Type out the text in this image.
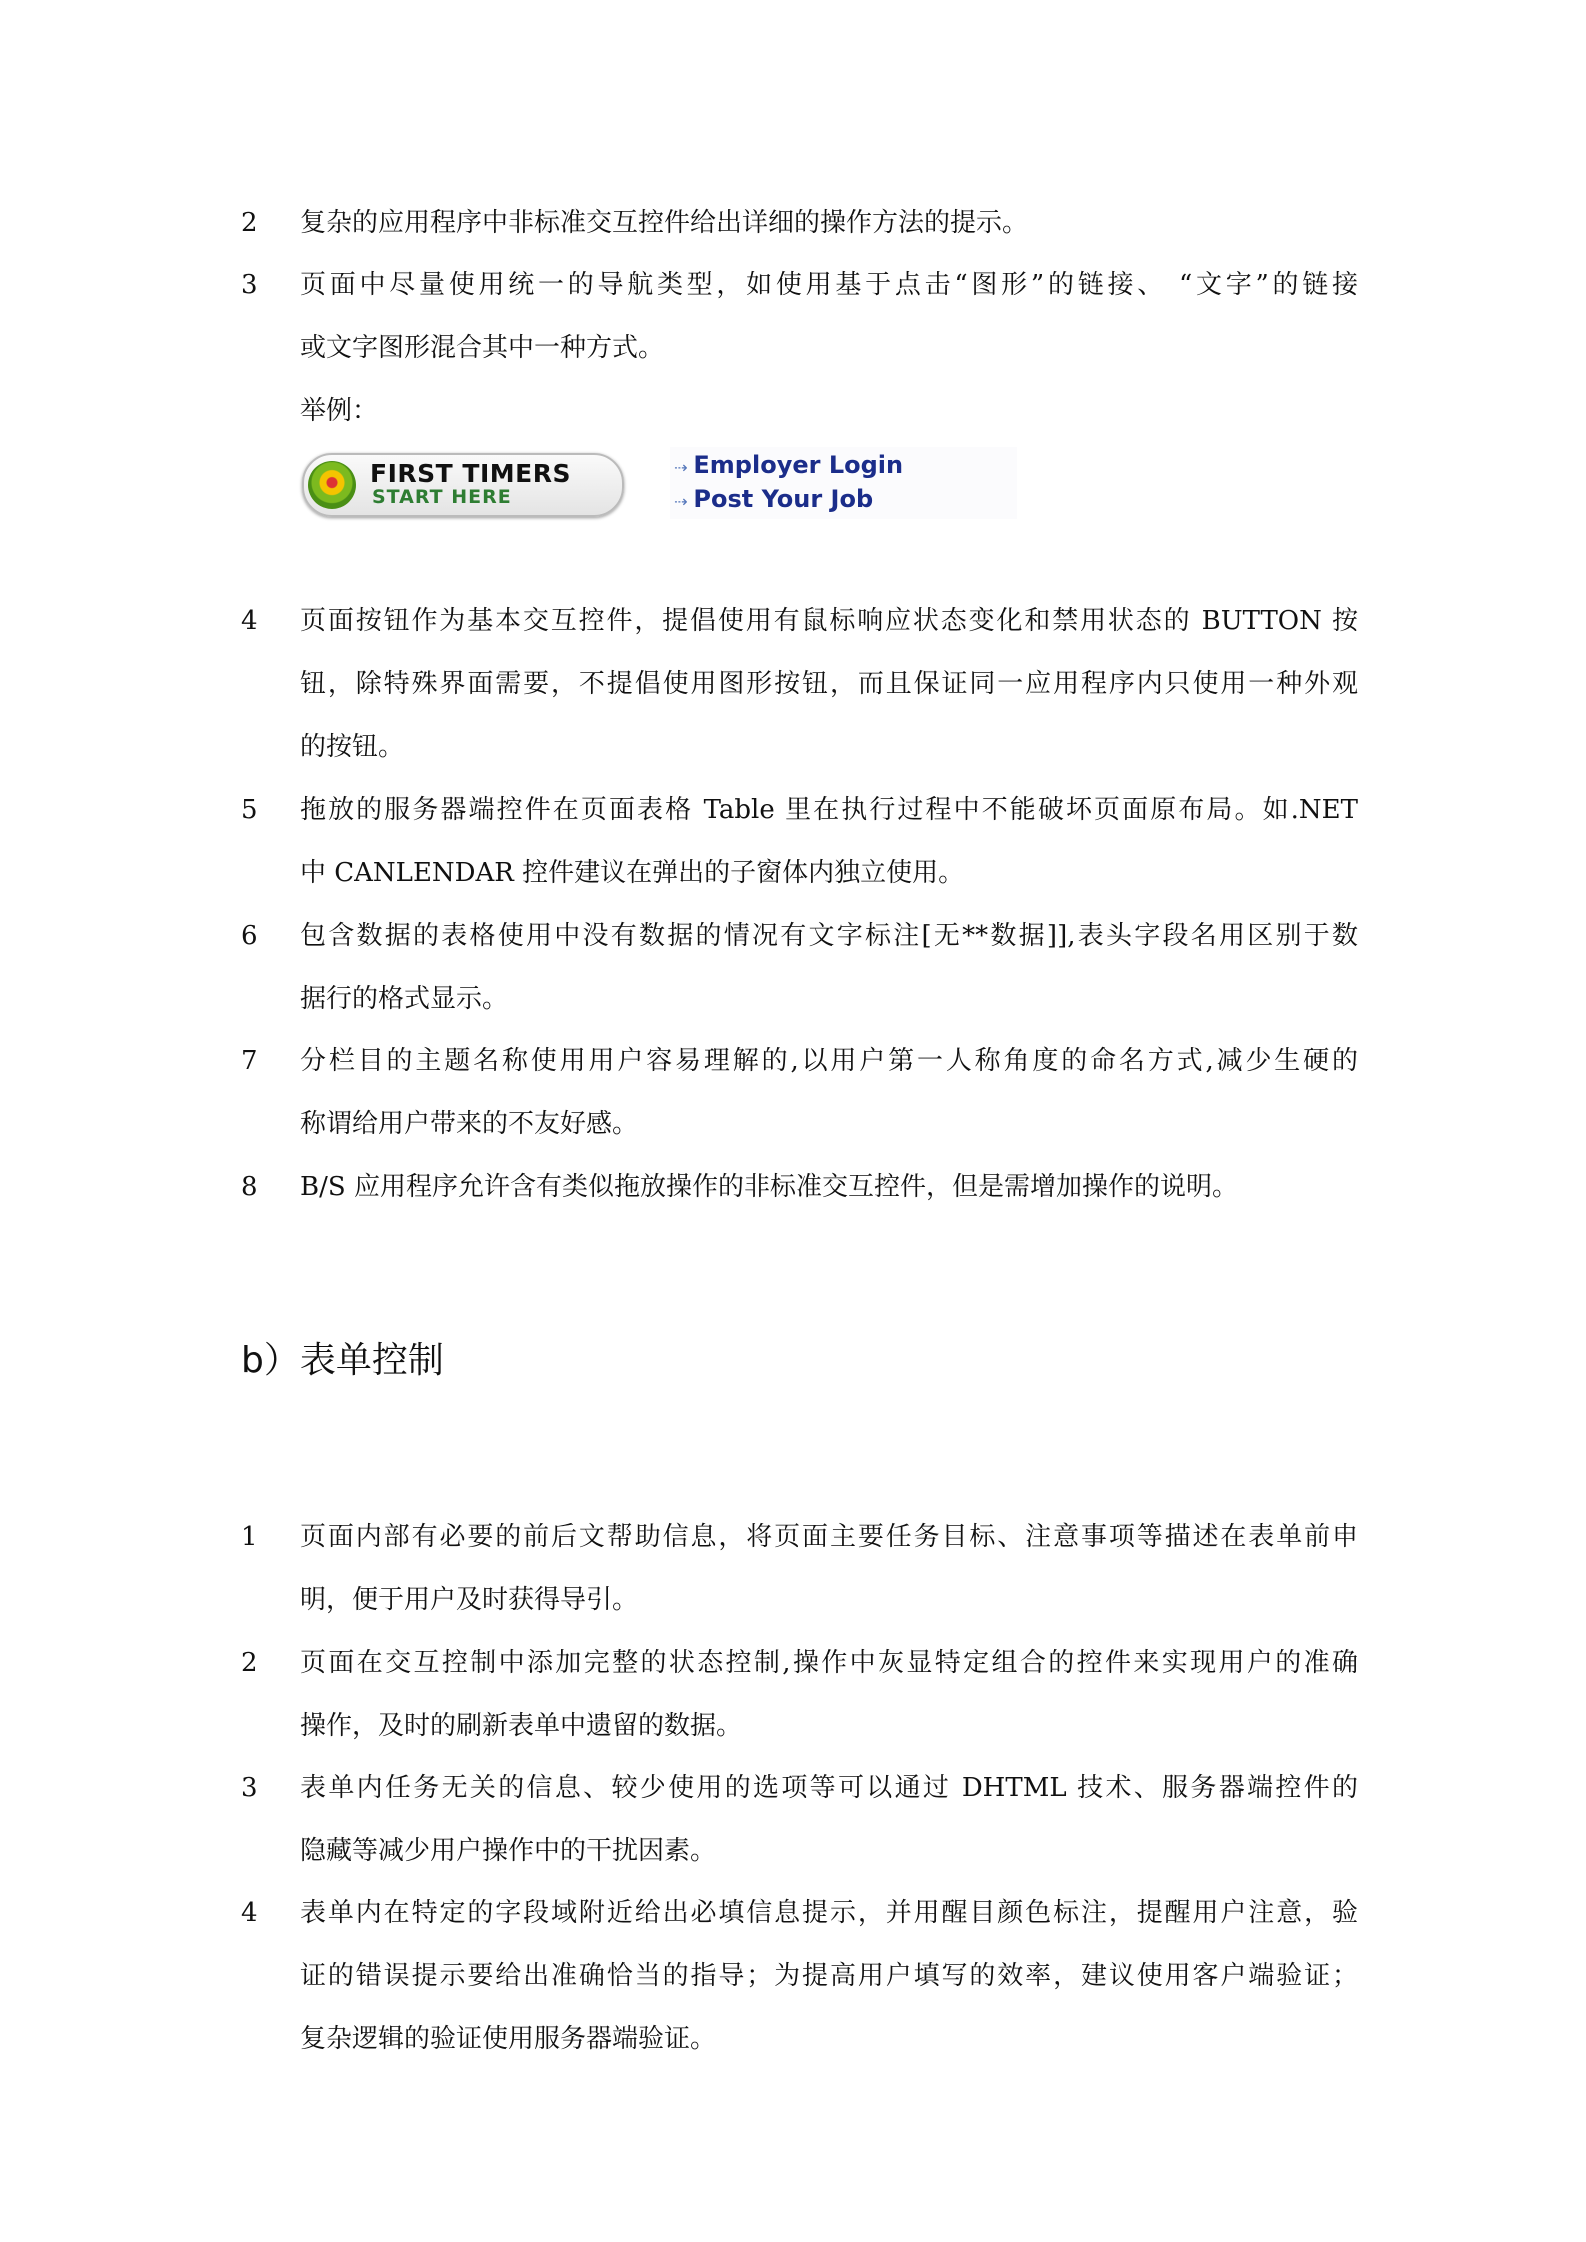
2 复杂的应用程序中非标准交互控件给出详细的操作方法的提示。
3 页面中尽量使用统一的导航类型，如使用基于点击“图形”的链接、 “文字”的链接
或文字图形混合其中一种方式。
4 页面按钮作为基本交互控件，提倡使用有鼠标响应状态变化和禁用状态的 BUTTON 按
钮，除特殊界面需要，不提倡使用图形按钮，而且保证同一应用程序内只使用一种外观
的按钮。
5 拖放的服务器端控件在页面表格 Table 里在执行过程中不能破坏页面原布局。如.NET
中 CANLENDAR 控件建议在弹出的子窗体内独立使用。
6 包含数据的表格使用中没有数据的情况有文字标注[无**数据]],表头字段名用区别于数
据行的格式显示。
7 分栏目的主题名称使用用户容易理解的,以用户第一人称角度的命名方式,减少生硬的
称谓给用户带来的不友好感。
8 B/S 应用程序允许含有类似拖放操作的非标准交互控件，但是需增加操作的说明。
1 页面内部有必要的前后文帮助信息，将页面主要任务目标、注意事项等描述在表单前申
明，便于用户及时获得导引。
2 页面在交互控制中添加完整的状态控制,操作中灰显特定组合的控件来实现用户的准确
操作，及时的刷新表单中遗留的数据。
3 表单内任务无关的信息、较少使用的选项等可以通过 DHTML 技术、服务器端控件的
隐藏等减少用户操作中的干扰因素。
4 表单内在特定的字段域附近给出必填信息提示，并用醒目颜色标注，提醒用户注意，验
证的错误提示要给出准确恰当的指导；为提高用户填写的效率，建议使用客户端验证；
复杂逻辑的验证使用服务器端验证。
举例：
FIRST TIMERS
START HERE
⇢ Employer Login
⇢ Post Your Job
b）表单控制
